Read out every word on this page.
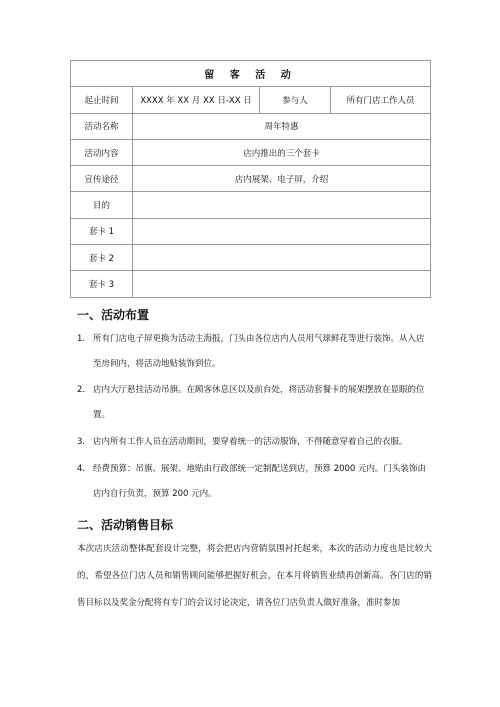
留 客 活 动			
起止时间	XXXX 年 XX 月 XX 日-XX 日	参与人	所有门店工作人员
活动名称	周年特惠		
活动内容	店内推出的三个套卡		
宣传途径	店内展架、电子屏，介绍		
目的			
套卡 1			
套卡 2			
套卡 3			
一、活动布置
1. 所有门店电子屏更换为活动主海报，门头由各位店内人员用气球鲜花等进行装饰。从入店至房间内，将活动地贴装饰到位。
2. 店内大厅悬挂活动吊旗。在顾客休息区以及前台处，将活动套餐卡的展架摆放在显眼的位置。
3. 店内所有工作人员在活动期间，要穿着统一的活动服饰，不得随意穿着自己的衣服。
4. 经费预算：吊旗、展架、地贴由行政部统一定制配送到店，预算 2000 元内。门头装饰由店内自行负责，预算 200 元内。
二、活动销售目标

本次店庆活动整体配套设计完整，将会把店内营销氛围衬托起来，本次的活动力度也是比较大的，希望各位门店人员和销售顾问能够把握好机会，在本月将销售业绩再创新高。各门店的销售目标以及奖金分配将有专门的会议讨论决定，请各位门店负责人做好准备，准时参加
